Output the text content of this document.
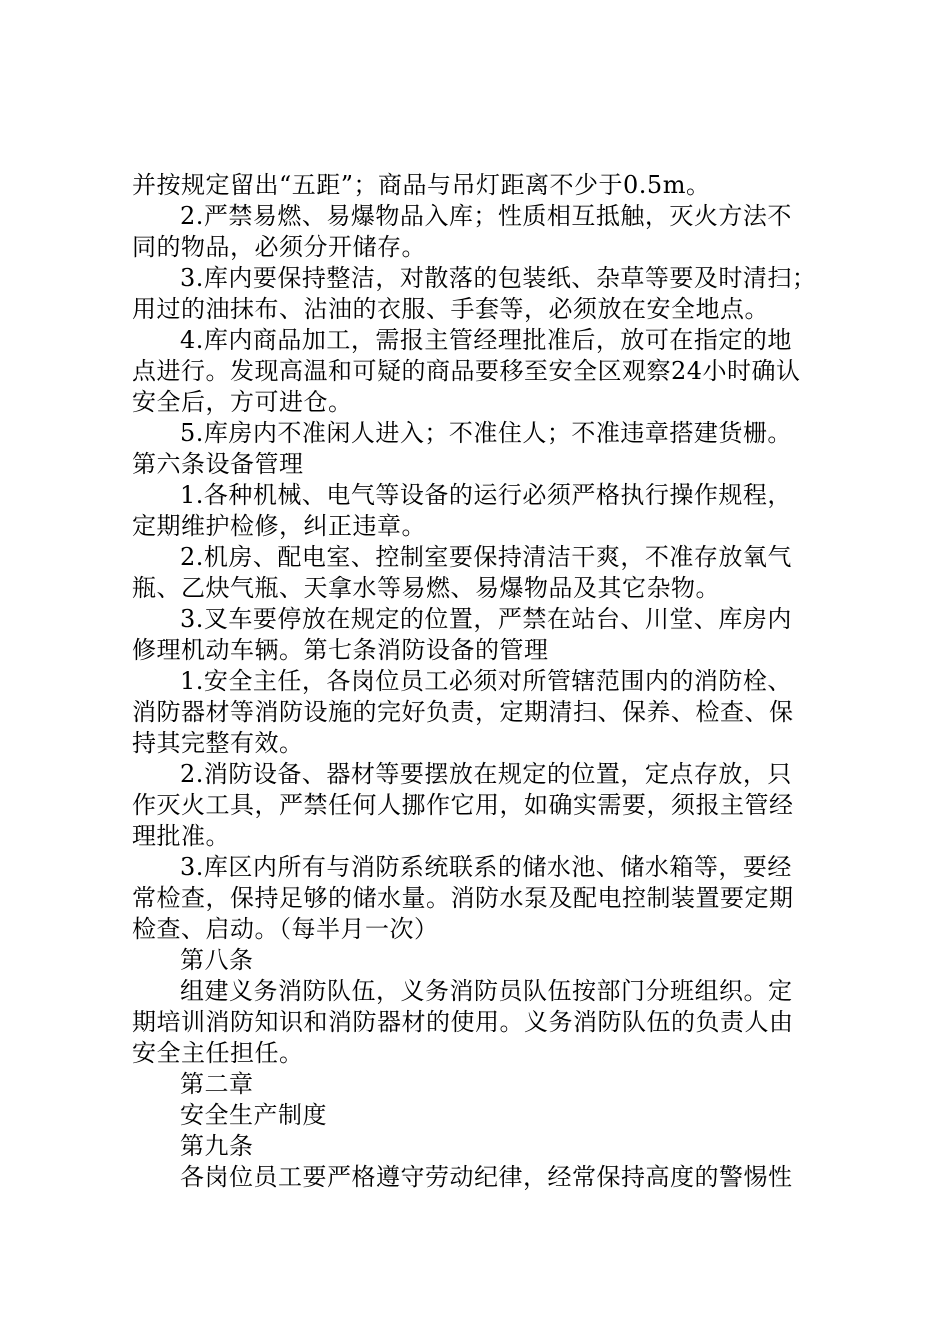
并按规定留出“五距”；商品与吊灯距离不少于0.5m。
2.严禁易燃、易爆物品入库；性质相互抵触，灭火方法不
同的物品，必须分开储存。
3.库内要保持整洁，对散落的包装纸、杂草等要及时清扫；
用过的油抹布、沾油的衣服、手套等，必须放在安全地点。
4.库内商品加工，需报主管经理批准后，放可在指定的地
点进行。发现高温和可疑的商品要移至安全区观察24小时确认
安全后，方可进仓。
5.库房内不准闲人进入；不准住人；不准违章搭建货栅。
第六条设备管理
1.各种机械、电气等设备的运行必须严格执行操作规程，
定期维护检修，纠正违章。
2.机房、配电室、控制室要保持清洁干爽，不准存放氧气
瓶、乙炔气瓶、天拿水等易燃、易爆物品及其它杂物。
3.叉车要停放在规定的位置，严禁在站台、川堂、库房内
修理机动车辆。第七条消防设备的管理
1.安全主任，各岗位员工必须对所管辖范围内的消防栓、
消防器材等消防设施的完好负责，定期清扫、保养、检查、保
持其完整有效。
2.消防设备、器材等要摆放在规定的位置，定点存放，只
作灭火工具，严禁任何人挪作它用，如确实需要，须报主管经
理批准。
3.库区内所有与消防系统联系的储水池、储水箱等，要经
常检查，保持足够的储水量。消防水泵及配电控制装置要定期
检查、启动。（每半月一次）
第八条
组建义务消防队伍，义务消防员队伍按部门分班组织。定
期培训消防知识和消防器材的使用。义务消防队伍的负责人由
安全主任担任。
第二章
安全生产制度
第九条
各岗位员工要严格遵守劳动纪律，经常保持高度的警惕性
